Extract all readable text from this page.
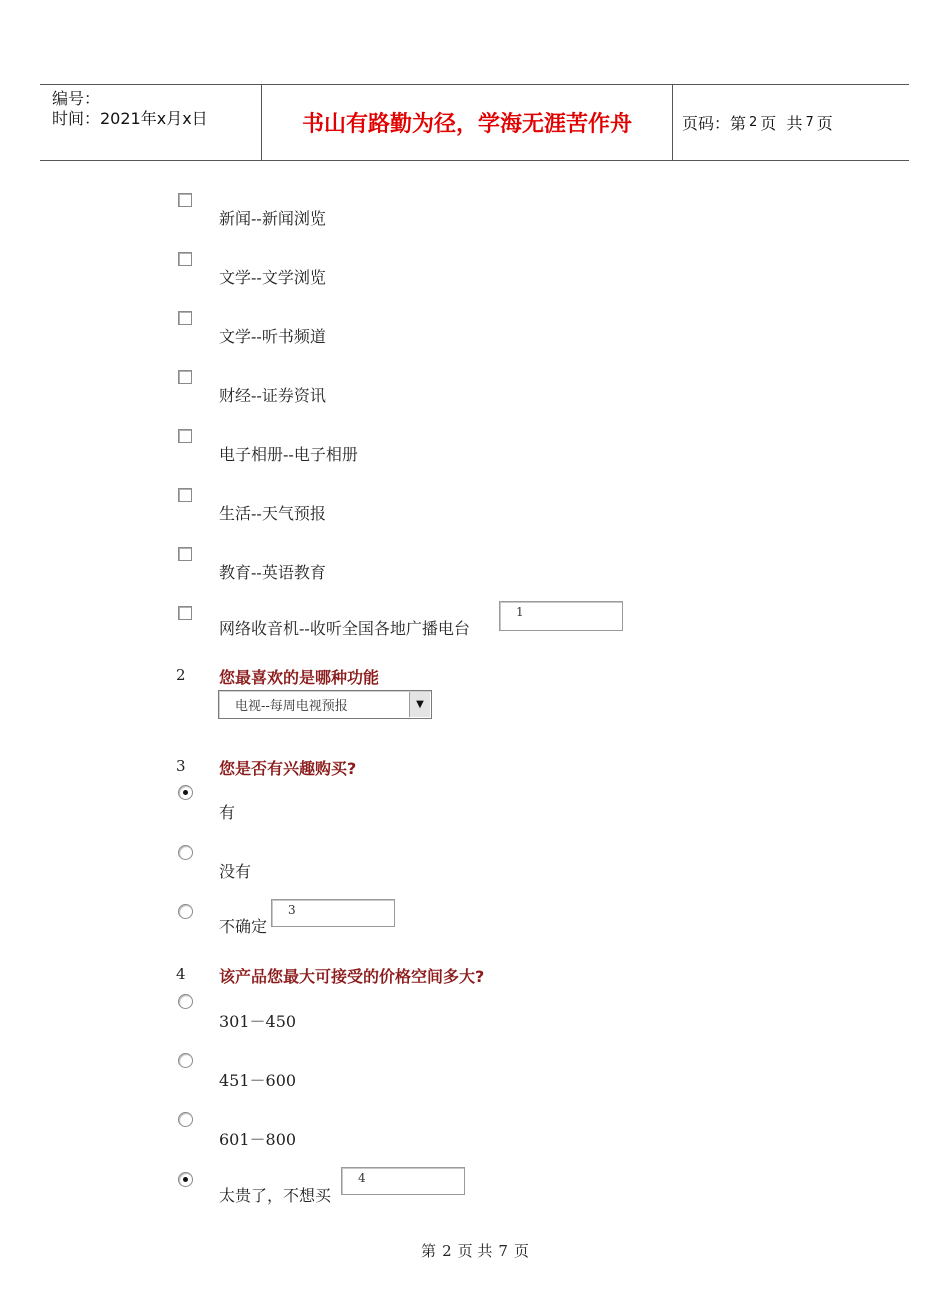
编号：
时间：2021年x月x日	书山有路勤为径，学海无涯苦作舟	页码：第 2 页  共 7 页
新闻--新闻浏览
文学--文学浏览
文学--听书频道
财经--证券资讯
电子相册--电子相册
生活--天气预报
教育--英语教育
网络收音机--收听全国各地广播电台
1
2 您最喜欢的是哪种功能
电视--每周电视预报	▼
3 您是否有兴趣购买?
有
没有
不确定
3
4 该产品您最大可接受的价格空间多大?
301－450
451－600
601－800
太贵了，不想买
4
第 2 页 共 7 页
